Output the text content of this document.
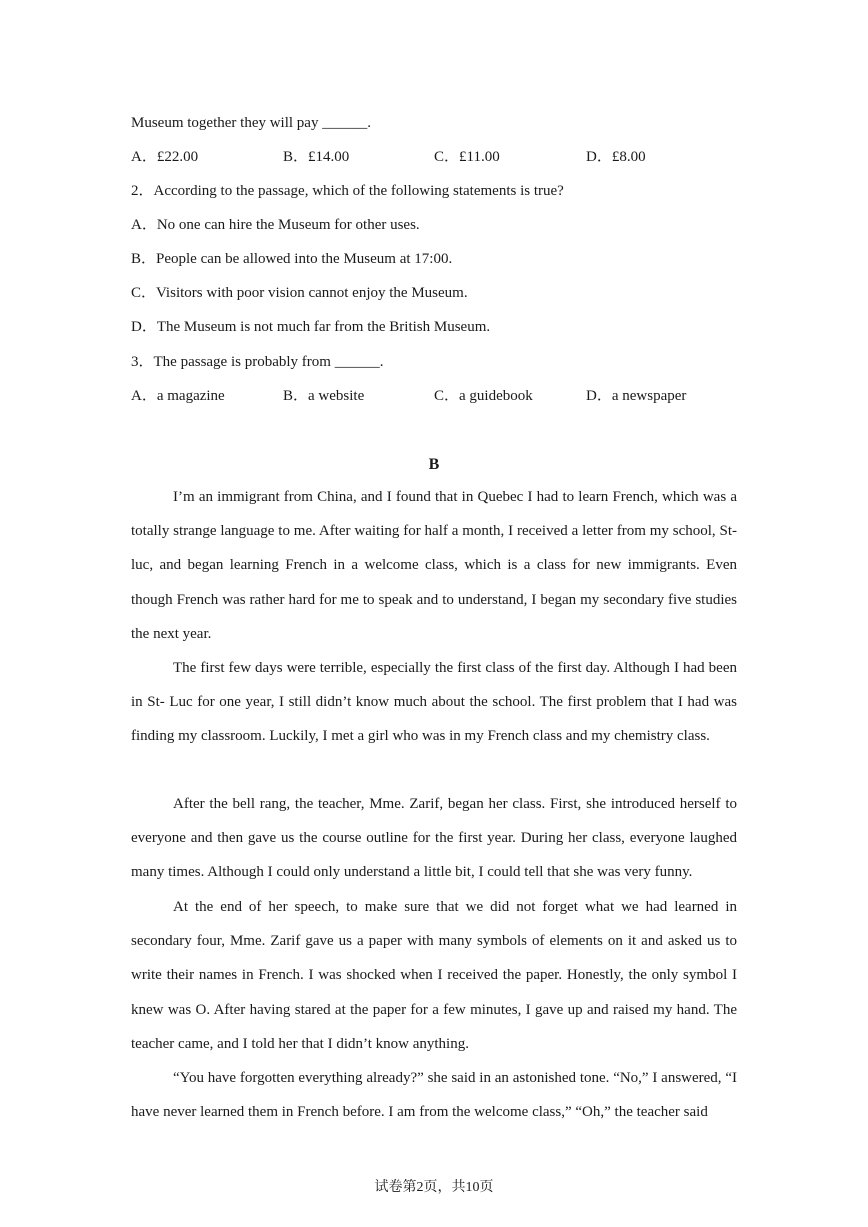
Museum together they will pay ______.
A．£22.00	B．£14.00	C．£11.00	D．£8.00
2．According to the passage, which of the following statements is true?
A．No one can hire the Museum for other uses.
B．People can be allowed into the Museum at 17:00.
C．Visitors with poor vision cannot enjoy the Museum.
D．The Museum is not much far from the British Museum.
3．The passage is probably from ______.
A．a magazine	B．a website	C．a guidebook	D．a newspaper
B

I’m an immigrant from China, and I found that in Quebec I had to learn French, which was a totally strange language to me. After waiting for half a month, I received a letter from my school, St-luc, and began learning French in a welcome class, which is a class for new immigrants. Even though French was rather hard for me to speak and to understand, I began my secondary five studies the next year.

The first few days were terrible, especially the first class of the first day. Although I had been in St- Luc for one year, I still didn’t know much about the school. The first problem that I had was finding my classroom. Luckily, I met a girl who was in my French class and my chemistry class.

After the bell rang, the teacher, Mme. Zarif, began her class. First, she introduced herself to everyone and then gave us the course outline for the first year. During her class, everyone laughed many times. Although I could only understand a little bit, I could tell that she was very funny.

At the end of her speech, to make sure that we did not forget what we had learned in secondary four, Mme. Zarif gave us a paper with many symbols of elements on it and asked us to write their names in French. I was shocked when I received the paper. Honestly, the only symbol I knew was O. After having stared at the paper for a few minutes, I gave up and raised my hand. The teacher came, and I told her that I didn’t know anything.

“You have forgotten everything already?” she said in an astonished tone. “No,” I answered, “I have never learned them in French before. I am from the welcome class,” “Oh,” the teacher said

试卷第2页，共10页
